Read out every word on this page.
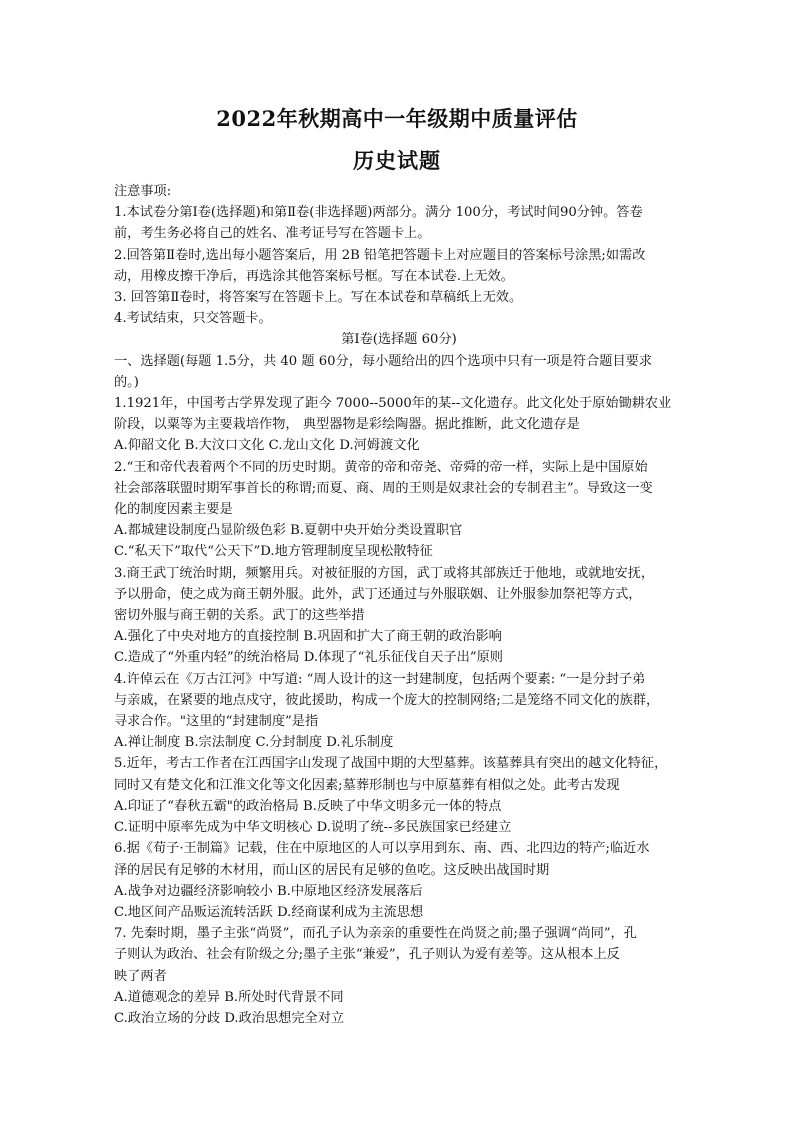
2022年秋期高中一年级期中质量评估
历史试题

注意事项:

1.本试卷分第Ⅰ卷(选择题)和第Ⅱ卷(非选择题)两部分。满分 100分，考试时间90分钟。答卷

前，考生务必将自己的姓名、准考证号写在答题卡上。

2.回答第Ⅱ卷时,选出每小题答案后，用 2B 铅笔把答题卡上对应题目的答案标号涂黑;如需改

动，用橡皮擦干净后，再选涂其他答案标号框。写在本试卷.上无效。

3. 回答第Ⅱ卷时，将答案写在答题卡上。写在本试卷和草稿纸上无效。

4.考试结束，只交答题卡。

第Ⅰ卷(选择题 60分)

一、选择题(每题 1.5分，共 40 题 60分，每小题给出的四个选项中只有一项是符合题目要求

的。)

1.1921年，中国考古学界发现了距今 7000--5000年的某--文化遗存。此文化处于原始锄耕农业

阶段，以粟等为主要栽培作物， 典型器物是彩绘陶器。据此推断，此文化遗存是

A.仰韶文化 B.大汶口文化 C.龙山文化 D.河姆渡文化

2.“王和帝代表着两个不同的历史时期。黄帝的帝和帝尧、帝舜的帝一样，实际上是中国原始

社会部落联盟时期军事首长的称谓;而夏、商、周的王则是奴隶社会的专制君主”。导致这一变

化的制度因素主要是

A.都城建设制度凸显阶级色彩 B.夏朝中央开始分类设置职官

C.“私天下”取代“公天下”D.地方管理制度呈现松散特征

3.商王武丁统治时期，频繁用兵。对被征服的方国，武丁或将其部族迁于他地，或就地安抚，

予以册命，使之成为商王朝外服。此外，武丁还通过与外服联姻、让外服参加祭祀等方式，

密切外服与商王朝的关系。武丁的这些举措

A.强化了中央对地方的直接控制 B.巩固和扩大了商王朝的政治影响

C.造成了“外重内轻”的统治格局 D.体现了“礼乐征伐自天子出”原则

4.许倬云在《万古江河》中写道: “周人设计的这一封建制度，包括两个要素: “一是分封子弟

与亲戚，在紧要的地点戍守，彼此援助，构成一个庞大的控制网络;二是笼络不同文化的族群，

寻求合作。"这里的“封建制度”是指

A.禅让制度 B.宗法制度 C.分封制度 D.礼乐制度

5.近年，考古工作者在江西国字山发现了战国中期的大型墓葬。该墓葬具有突出的越文化特征，

同时又有楚文化和江淮文化等文化因素;墓葬形制也与中原墓葬有相似之处。此考古发现

A.印证了“春秋五霸"的政治格局 B.反映了中华文明多元一体的特点

C.证明中原率先成为中华文明核心 D.说明了统--多民族国家已经建立

6.据《荀子·王制篇》记载，住在中原地区的人可以享用到东、南、西、北四边的特产;临近水

泽的居民有足够的木材用，而山区的居民有足够的鱼吃。这反映出战国时期

A.战争对边疆经济影响较小 B.中原地区经济发展落后

C.地区间产品贩运流转活跃 D.经商谋利成为主流思想

7. 先秦时期，墨子主张“尚贤”，而孔子认为亲亲的重要性在尚贤之前;墨子强调“尚同”，孔

子则认为政治、社会有阶级之分;墨子主张“兼爱”，孔子则认为爱有差等。这从根本上反

映了两者

A.道德观念的差异 B.所处时代背景不同

C.政治立场的分歧 D.政治思想完全对立
